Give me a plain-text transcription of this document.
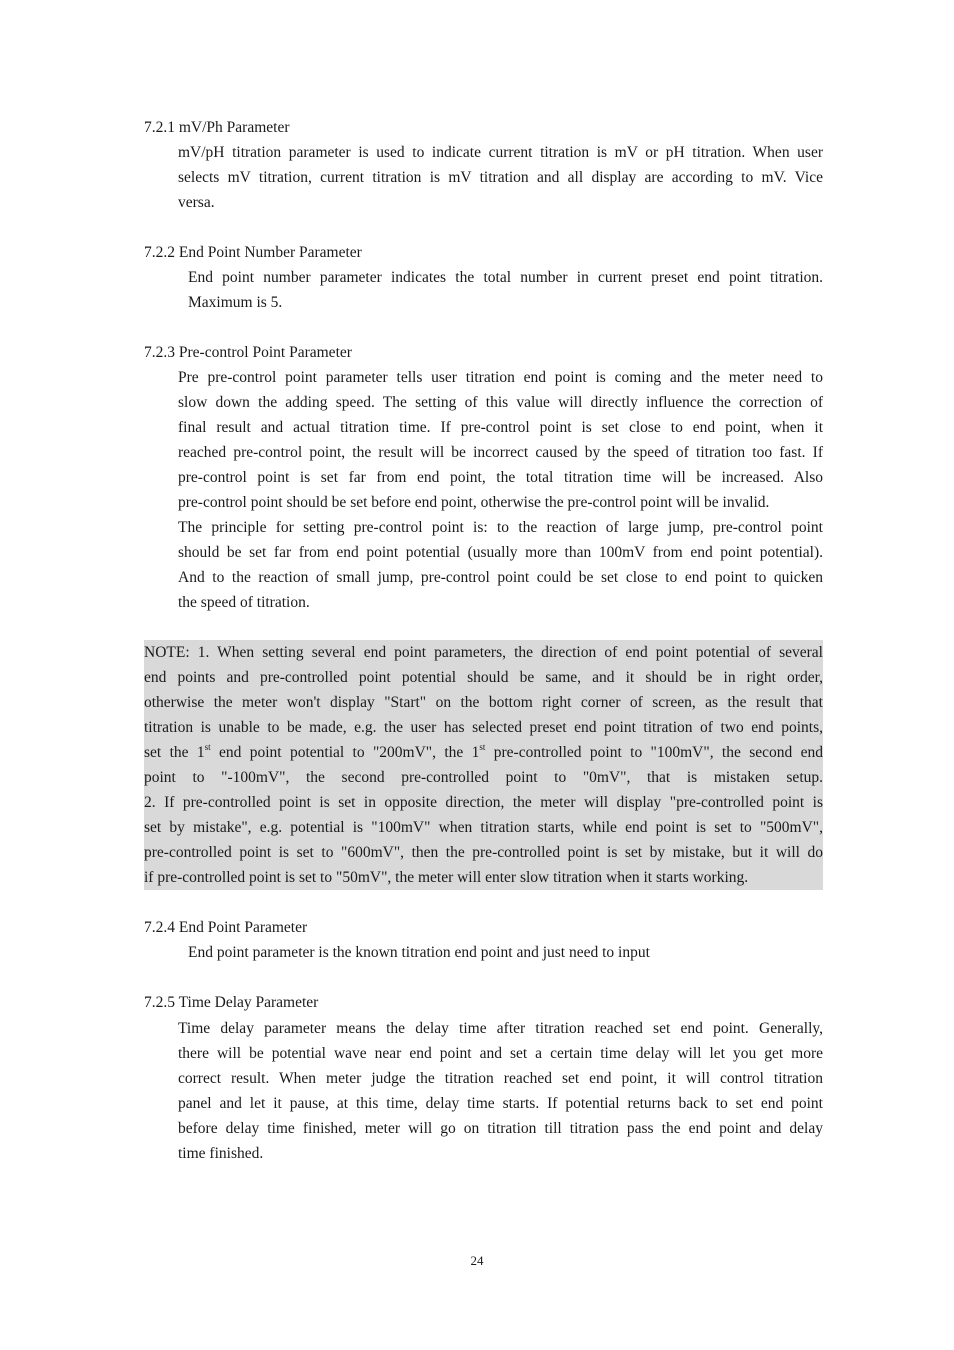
7.2.1 mV/Ph Parameter
mV/pH titration parameter is used to indicate current titration is mV or pH titration. When user
selects mV titration, current titration is mV titration and all display are according to mV. Vice
versa.
7.2.2 End Point Number Parameter
End point number parameter indicates the total number in current preset end point titration.
Maximum is 5.
7.2.3 Pre-control Point Parameter
Pre pre-control point parameter tells user titration end point is coming and the meter need to
slow down the adding speed. The setting of this value will directly influence the correction of
final result and actual titration time. If pre-control point is set close to end point, when it
reached pre-control point, the result will be incorrect caused by the speed of titration too fast. If
pre-control point is set far from end point, the total titration time will be increased. Also
pre-control point should be set before end point, otherwise the pre-control point will be invalid.
The principle for setting pre-control point is: to the reaction of large jump, pre-control point
should be set far from end point potential (usually more than 100mV from end point potential).
And to the reaction of small jump, pre-control point could be set close to end point to quicken
the speed of titration.
NOTE: 1. When setting several end point parameters, the direction of end point potential of several
end points and pre-controlled point potential should be same, and it should be in right order,
otherwise the meter won't display "Start" on the bottom right corner of screen, as the result that
titration is unable to be made, e.g. the user has selected preset end point titration of two end points,
set the 1st end point potential to "200mV", the 1st pre-controlled point to "100mV", the second end
point to "-100mV", the second pre-controlled point to "0mV", that is mistaken setup.
2. If pre-controlled point is set in opposite direction, the meter will display "pre-controlled point is
set by mistake", e.g. potential is "100mV" when titration starts, while end point is set to "500mV",
pre-controlled point is set to "600mV", then the pre-controlled point is set by mistake, but it will do
if pre-controlled point is set to "50mV", the meter will enter slow titration when it starts working.
7.2.4 End Point Parameter
End point parameter is the known titration end point and just need to input
7.2.5 Time Delay Parameter
Time delay parameter means the delay time after titration reached set end point. Generally,
there will be potential wave near end point and set a certain time delay will let you get more
correct result. When meter judge the titration reached set end point, it will control titration
panel and let it pause, at this time, delay time starts. If potential returns back to set end point
before delay time finished, meter will go on titration till titration pass the end point and delay
time finished.
24
